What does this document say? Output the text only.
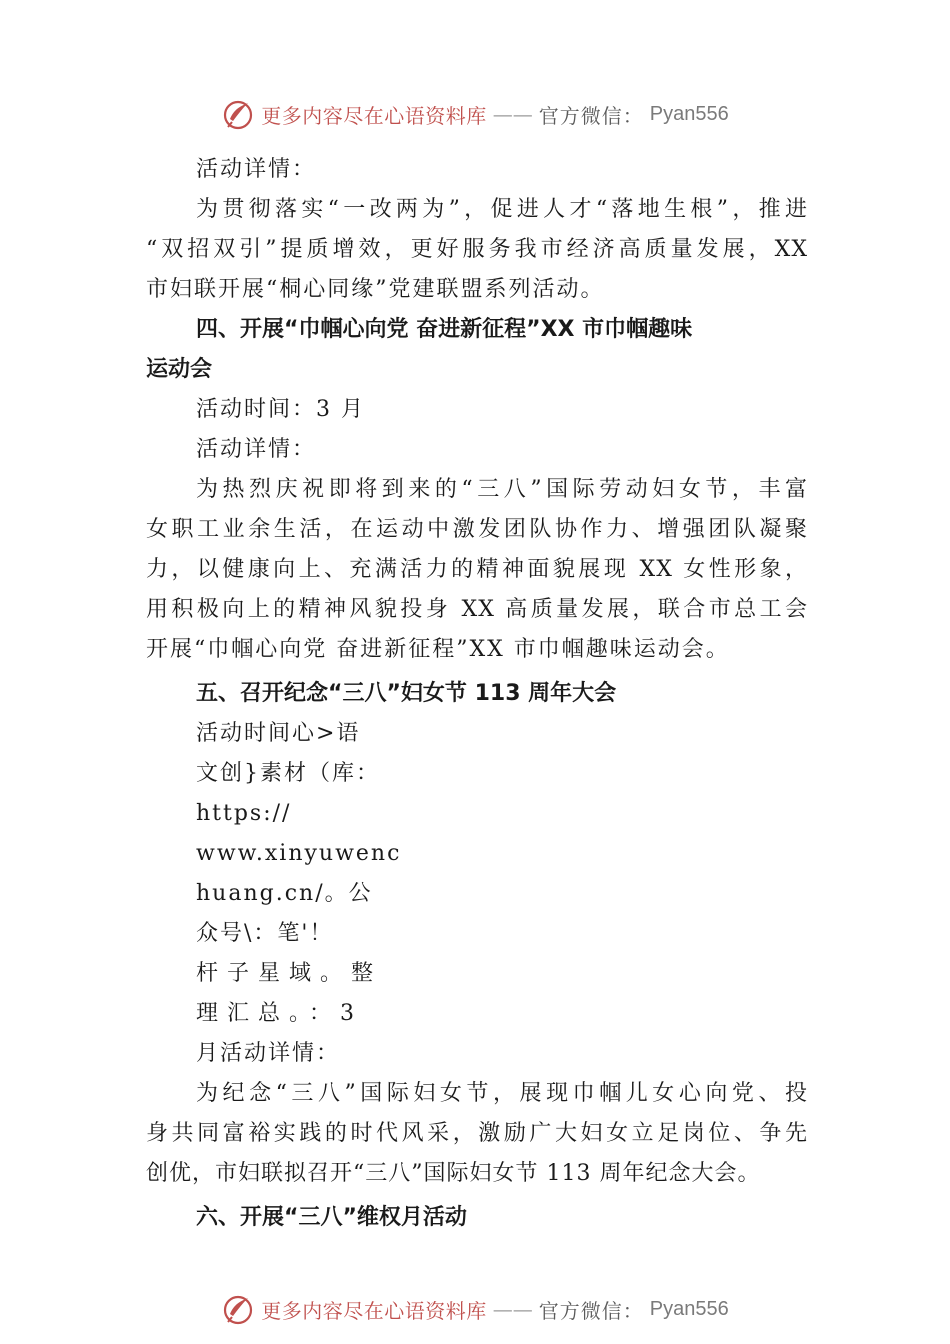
更多内容尽在心语资料库 —— 官方微信： Pyan556
活动详情：
为贯彻落实“一改两为”，促进人才“落地生根”，推进
“双招双引”提质增效，更好服务我市经济高质量发展，XX
市妇联开展“桐心同缘”党建联盟系列活动。
四、开展“巾帼心向党 奋进新征程”XX 市巾帼趣味
运动会
活动时间：3 月
活动详情：
为热烈庆祝即将到来的“三八”国际劳动妇女节，丰富
女职工业余生活，在运动中激发团队协作力、增强团队凝聚
力，以健康向上、充满活力的精神面貌展现 XX 女性形象，
用积极向上的精神风貌投身 XX 高质量发展，联合市总工会
开展“巾帼心向党 奋进新征程”XX 市巾帼趣味运动会。
五、召开纪念“三八”妇女节 113 周年大会
活动时间心>语
文创}素材（库：
https://
www.xinyuwenc
huang.cn/。公
众号\：笔'！
杆子星域。整
理汇总。：3
月活动详情：
为纪念“三八”国际妇女节，展现巾帼儿女心向党、投
身共同富裕实践的时代风采，激励广大妇女立足岗位、争先
创优，市妇联拟召开“三八”国际妇女节 113 周年纪念大会。
六、开展“三八”维权月活动
更多内容尽在心语资料库 —— 官方微信： Pyan556
